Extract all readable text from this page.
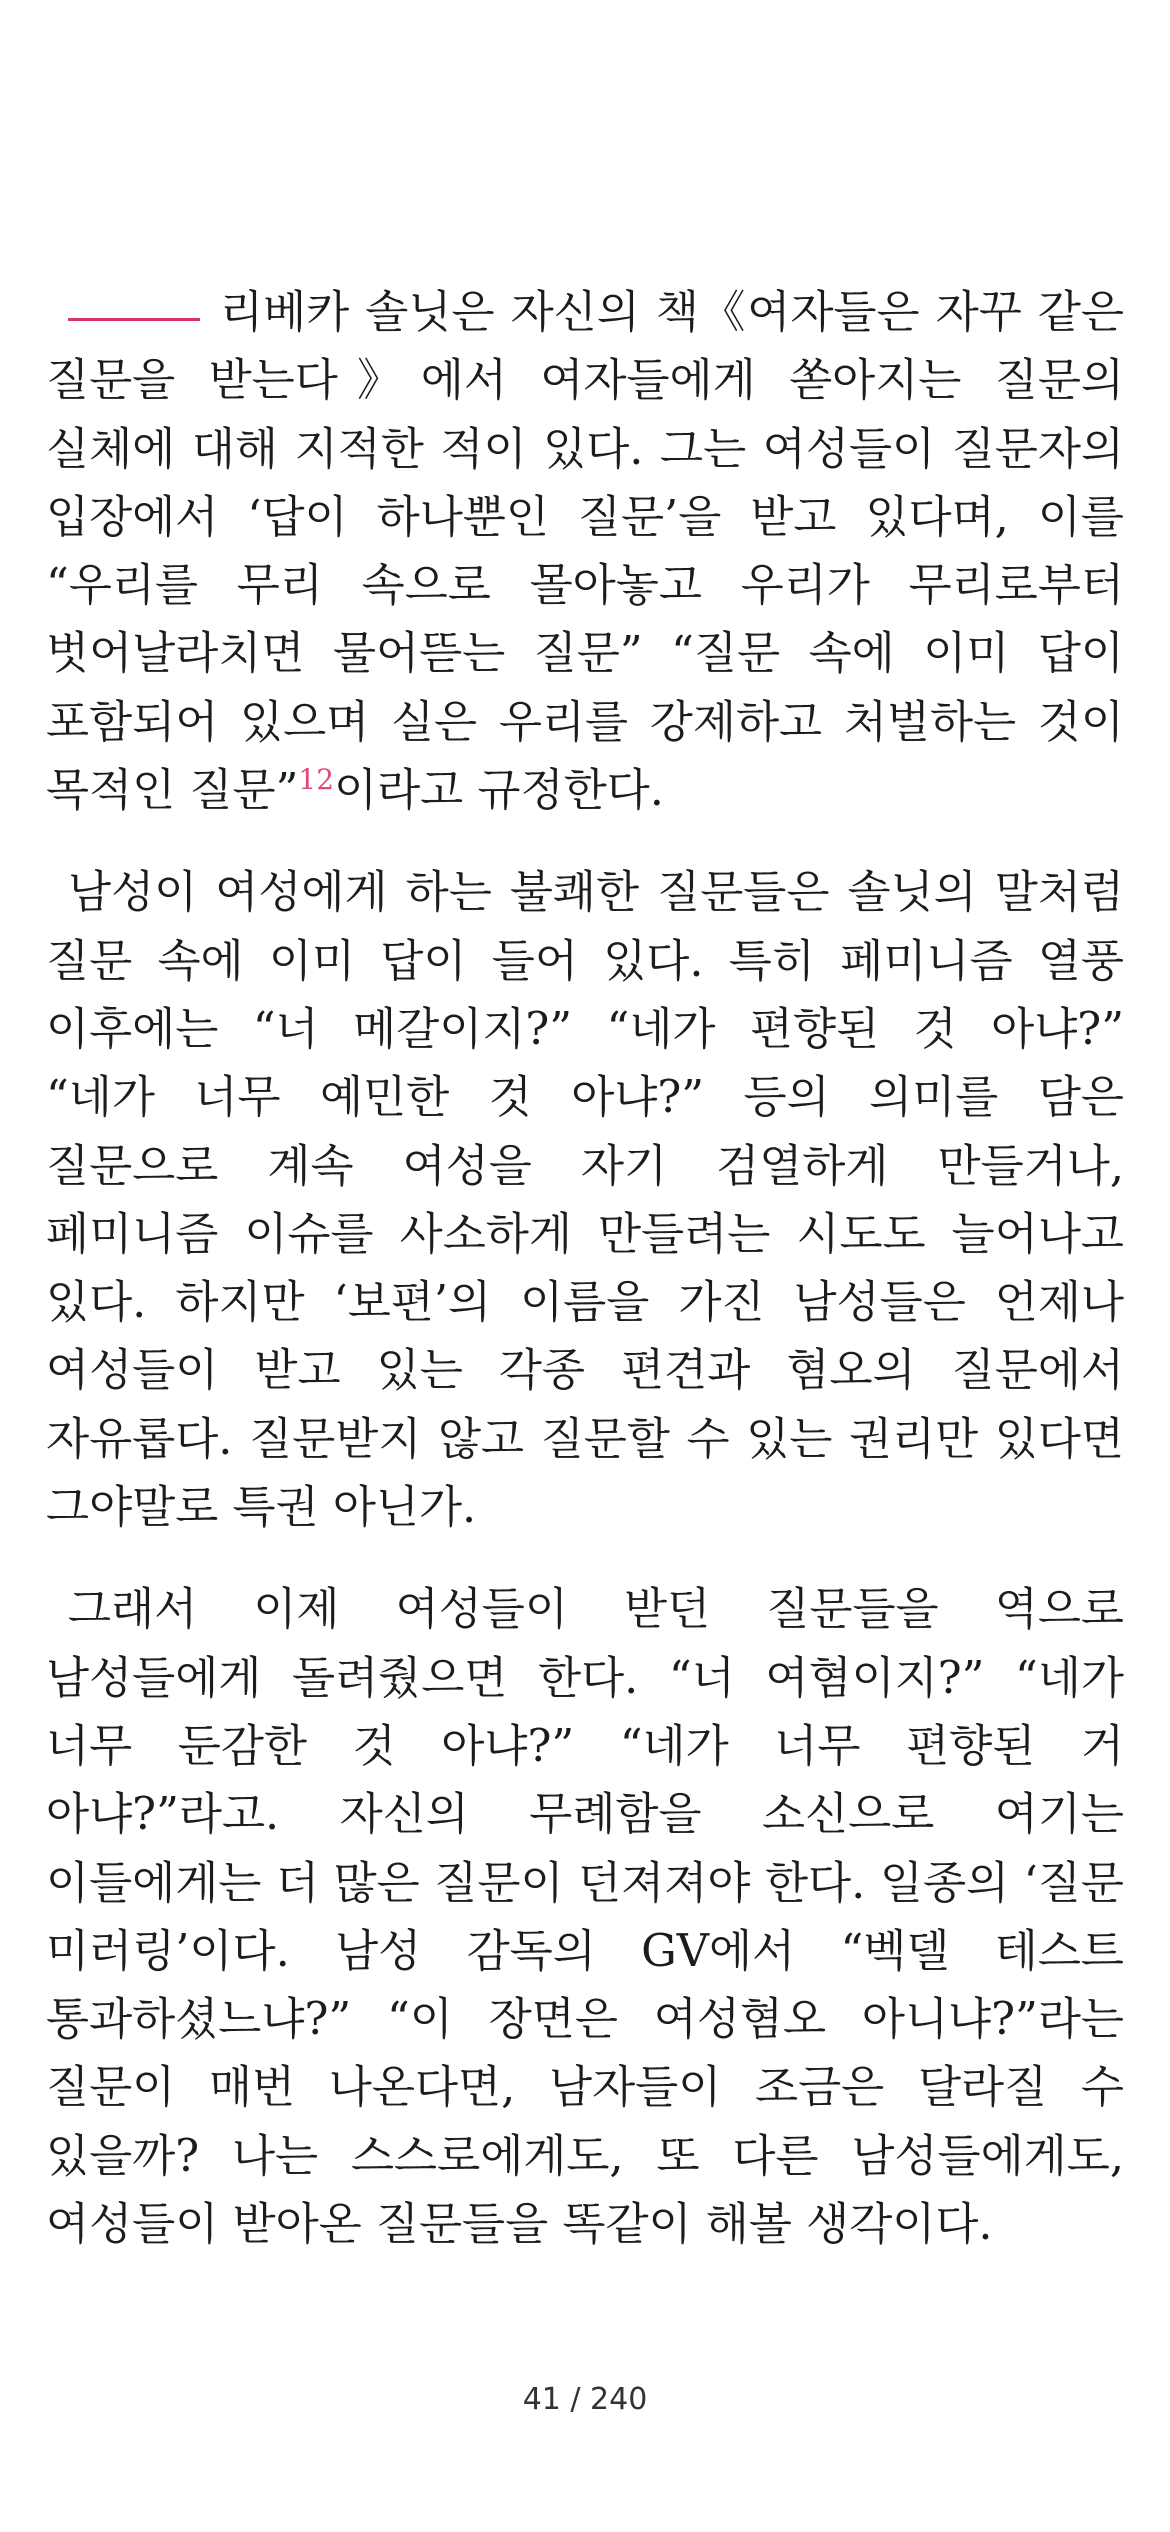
리베카 솔닛은 자신의 책《여자들은 자꾸 같은 질문을 받는다》에서 여자들에게 쏟아지는 질문의 실체에 대해 지적한 적이 있다. 그는 여성들이 질문자의 입장에서 ‘답이 하나뿐인 질문’을 받고 있다며, 이를 “우리를 무리 속으로 몰아놓고 우리가 무리로부터 벗어날라치면 물어뜯는 질문” “질문 속에 이미 답이 포함되어 있으며 실은 우리를 강제하고 처벌하는 것이 목적인 질문”$^{12}$이라고 규정한다.

남성이 여성에게 하는 불쾌한 질문들은 솔닛의 말처럼 질문 속에 이미 답이 들어 있다. 특히 페미니즘 열풍 이후에는 “너 메갈이지?” “네가 편향된 것 아냐?” “네가 너무 예민한 것 아냐?” 등의 의미를 담은 질문으로 계속 여성을 자기 검열하게 만들거나, 페미니즘 이슈를 사소하게 만들려는 시도도 늘어나고 있다. 하지만 ‘보편’의 이름을 가진 남성들은 언제나 여성들이 받고 있는 각종 편견과 혐오의 질문에서 자유롭다. 질문받지 않고 질문할 수 있는 권리만 있다면 그야말로 특권 아닌가.

그래서 이제 여성들이 받던 질문들을 역으로 남성들에게 돌려줬으면 한다. “너 여혐이지?” “네가 너무 둔감한 것 아냐?” “네가 너무 편향된 거 아냐?”라고. 자신의 무례함을 소신으로 여기는 이들에게는 더 많은 질문이 던져져야 한다. 일종의 ‘질문 미러링’이다. 남성 감독의 GV에서 “벡델 테스트 통과하셨느냐?” “이 장면은 여성혐오 아니냐?”라는 질문이 매번 나온다면, 남자들이 조금은 달라질 수 있을까? 나는 스스로에게도, 또 다른 남성들에게도, 여성들이 받아온 질문들을 똑같이 해볼 생각이다.

41 / 240
